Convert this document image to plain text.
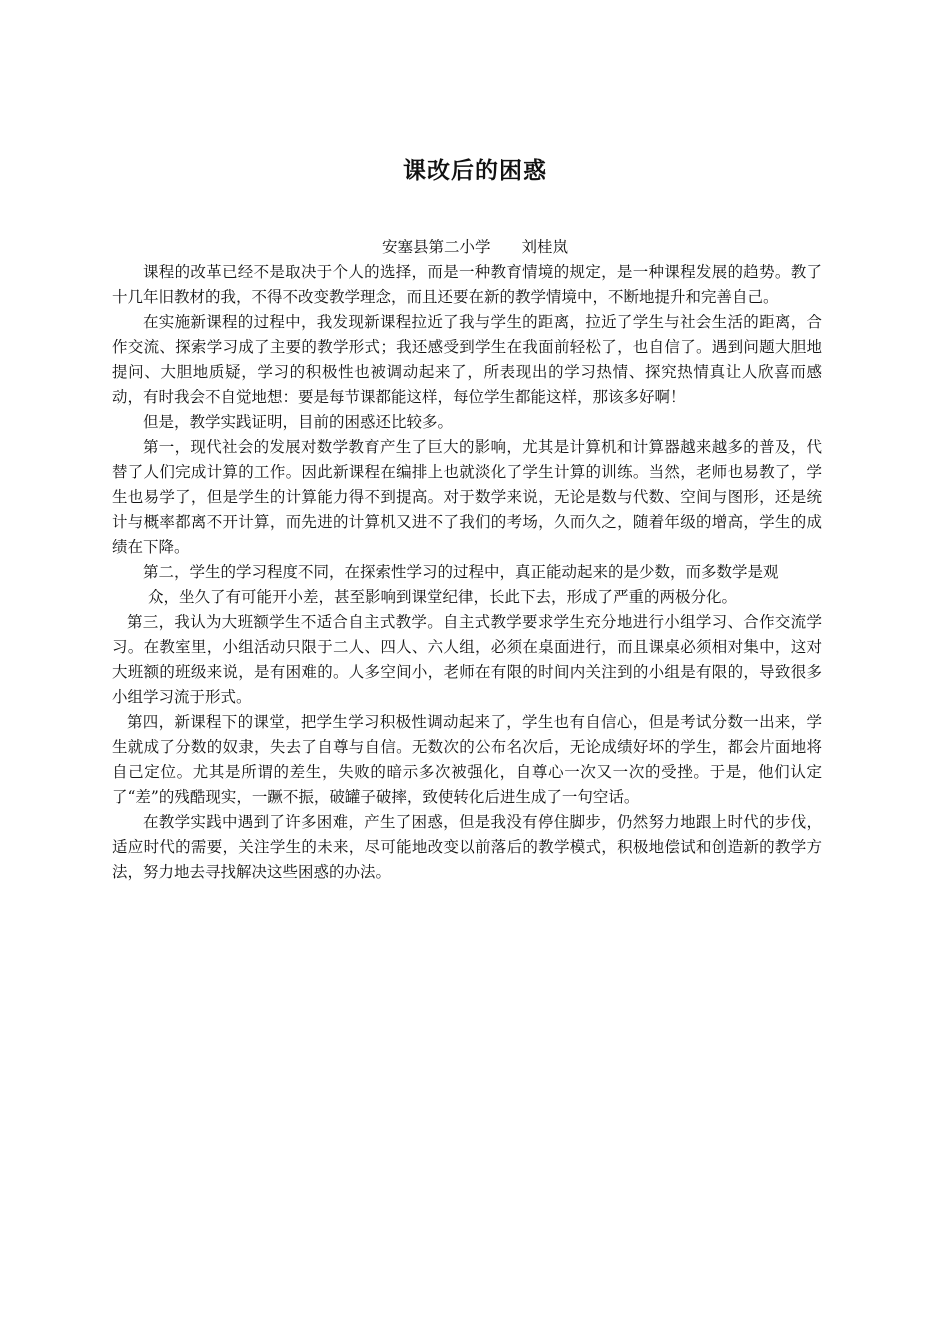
课改后的困惑

安塞县第二小学　　刘桂岚

课程的改革已经不是取决于个人的选择，而是一种教育情境的规定，是一种课程发展的趋势。教了十几年旧教材的我，不得不改变教学理念，而且还要在新的教学情境中，不断地提升和完善自己。

在实施新课程的过程中，我发现新课程拉近了我与学生的距离，拉近了学生与社会生活的距离，合作交流、探索学习成了主要的教学形式；我还感受到学生在我面前轻松了，也自信了。遇到问题大胆地提问、大胆地质疑，学习的积极性也被调动起来了，所表现出的学习热情、探究热情真让人欣喜而感动，有时我会不自觉地想：要是每节课都能这样，每位学生都能这样，那该多好啊！

但是，教学实践证明，目前的困惑还比较多。

第一，现代社会的发展对数学教育产生了巨大的影响，尤其是计算机和计算器越来越多的普及，代替了人们完成计算的工作。因此新课程在编排上也就淡化了学生计算的训练。当然，老师也易教了，学生也易学了，但是学生的计算能力得不到提高。对于数学来说，无论是数与代数、空间与图形，还是统计与概率都离不开计算，而先进的计算机又进不了我们的考场，久而久之，随着年级的增高，学生的成绩在下降。

第二，学生的学习程度不同，在探索性学习的过程中，真正能动起来的是少数，而多数学是观

众，坐久了有可能开小差，甚至影响到课堂纪律，长此下去，形成了严重的两极分化。

第三，我认为大班额学生不适合自主式教学。自主式教学要求学生充分地进行小组学习、合作交流学习。在教室里，小组活动只限于二人、四人、六人组，必须在桌面进行，而且课桌必须相对集中，这对大班额的班级来说，是有困难的。人多空间小，老师在有限的时间内关注到的小组是有限的，导致很多小组学习流于形式。

第四，新课程下的课堂，把学生学习积极性调动起来了，学生也有自信心，但是考试分数一出来，学生就成了分数的奴隶，失去了自尊与自信。无数次的公布名次后，无论成绩好坏的学生，都会片面地将自己定位。尤其是所谓的差生，失败的暗示多次被强化，自尊心一次又一次的受挫。于是，他们认定了“差”的残酷现实，一蹶不振，破罐子破摔，致使转化后进生成了一句空话。

在教学实践中遇到了许多困难，产生了困惑，但是我没有停住脚步，仍然努力地跟上时代的步伐，适应时代的需要，关注学生的未来，尽可能地改变以前落后的教学模式，积极地偿试和创造新的教学方法，努力地去寻找解决这些困惑的办法。
